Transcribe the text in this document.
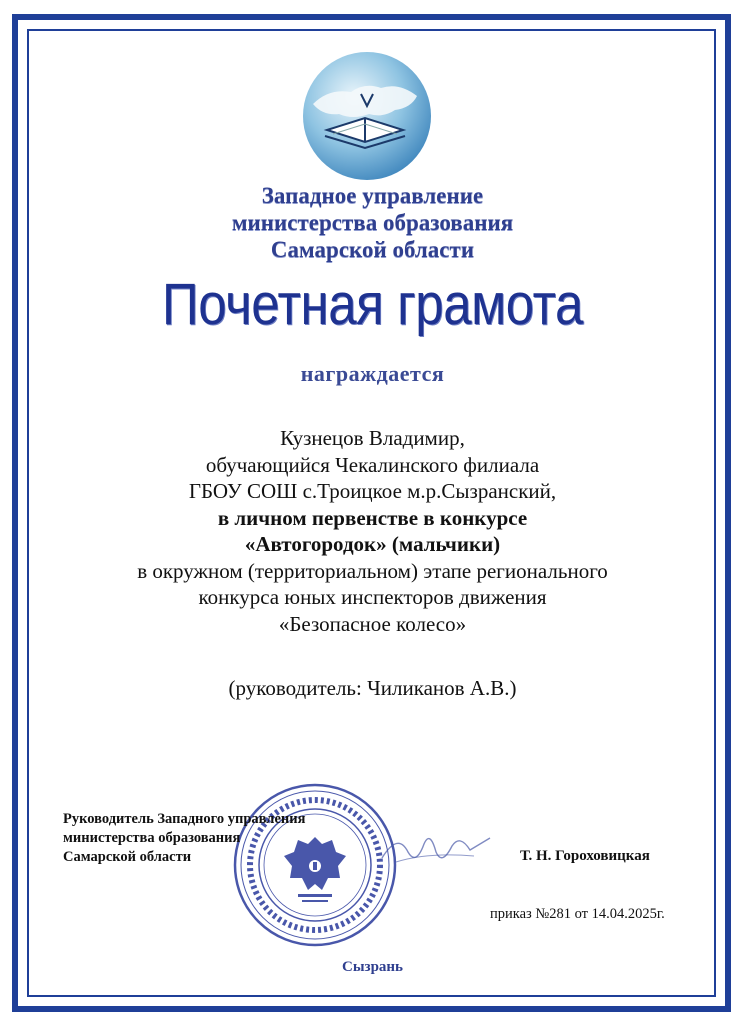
Западное управление
министерства образования
Самарской области
Почетная грамота
награждается
Кузнецов Владимир,
обучающийся Чекалинского филиала
ГБОУ СОШ с.Троицкое м.р.Сызранский,
в личном первенстве в конкурсе
«Автогородок» (мальчики)
в окружном (территориальном) этапе регионального
конкурса юных инспекторов движения
«Безопасное колесо»
(руководитель: Чиликанов А.В.)
Руководитель Западного управления
министерства образования
Самарской области	Т. Н. Гороховицкая
приказ №281 от 14.04.2025г.
Сызрань
